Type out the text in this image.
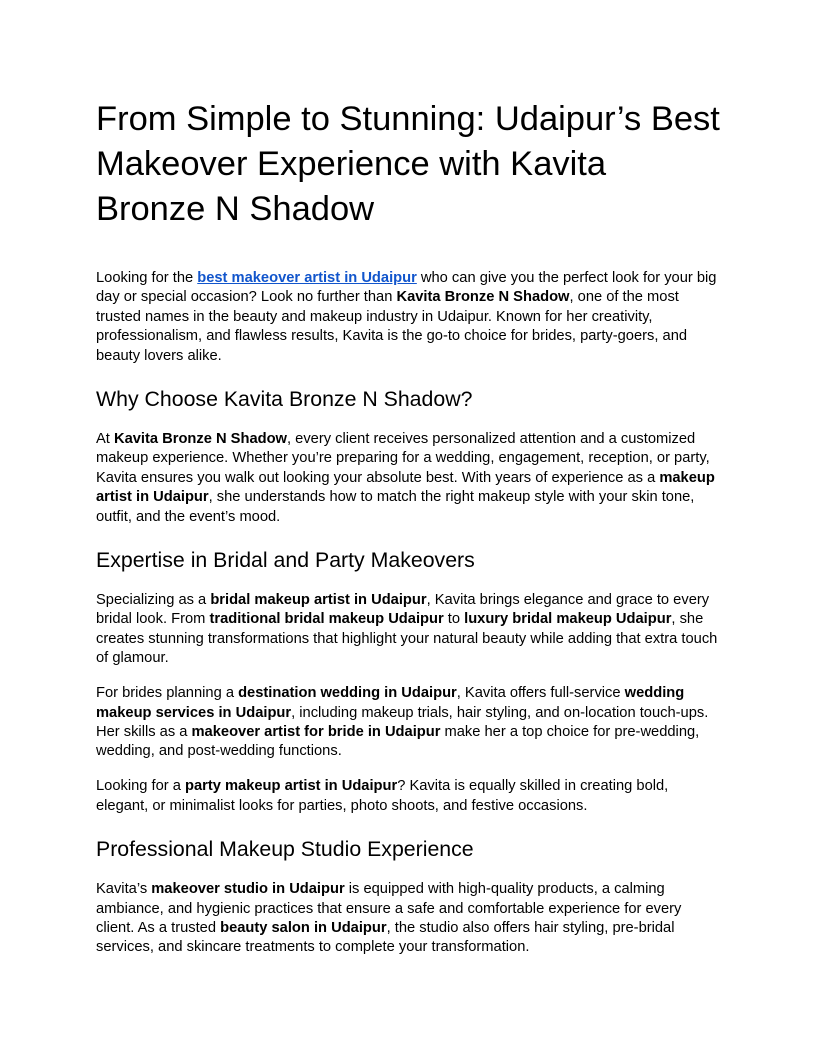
From Simple to Stunning: Udaipur’s Best Makeover Experience with Kavita Bronze N Shadow

Looking for the best makeover artist in Udaipur who can give you the perfect look for your big day or special occasion? Look no further than Kavita Bronze N Shadow, one of the most trusted names in the beauty and makeup industry in Udaipur. Known for her creativity, professionalism, and flawless results, Kavita is the go-to choice for brides, party-goers, and beauty lovers alike.

Why Choose Kavita Bronze N Shadow?

At Kavita Bronze N Shadow, every client receives personalized attention and a customized makeup experience. Whether you’re preparing for a wedding, engagement, reception, or party, Kavita ensures you walk out looking your absolute best. With years of experience as a makeup artist in Udaipur, she understands how to match the right makeup style with your skin tone, outfit, and the event’s mood.

Expertise in Bridal and Party Makeovers

Specializing as a bridal makeup artist in Udaipur, Kavita brings elegance and grace to every bridal look. From traditional bridal makeup Udaipur to luxury bridal makeup Udaipur, she creates stunning transformations that highlight your natural beauty while adding that extra touch of glamour.

For brides planning a destination wedding in Udaipur, Kavita offers full-service wedding makeup services in Udaipur, including makeup trials, hair styling, and on-location touch-ups. Her skills as a makeover artist for bride in Udaipur make her a top choice for pre-wedding, wedding, and post-wedding functions.

Looking for a party makeup artist in Udaipur? Kavita is equally skilled in creating bold, elegant, or minimalist looks for parties, photo shoots, and festive occasions.

Professional Makeup Studio Experience

Kavita’s makeover studio in Udaipur is equipped with high-quality products, a calming ambiance, and hygienic practices that ensure a safe and comfortable experience for every client. As a trusted beauty salon in Udaipur, the studio also offers hair styling, pre-bridal services, and skincare treatments to complete your transformation.
